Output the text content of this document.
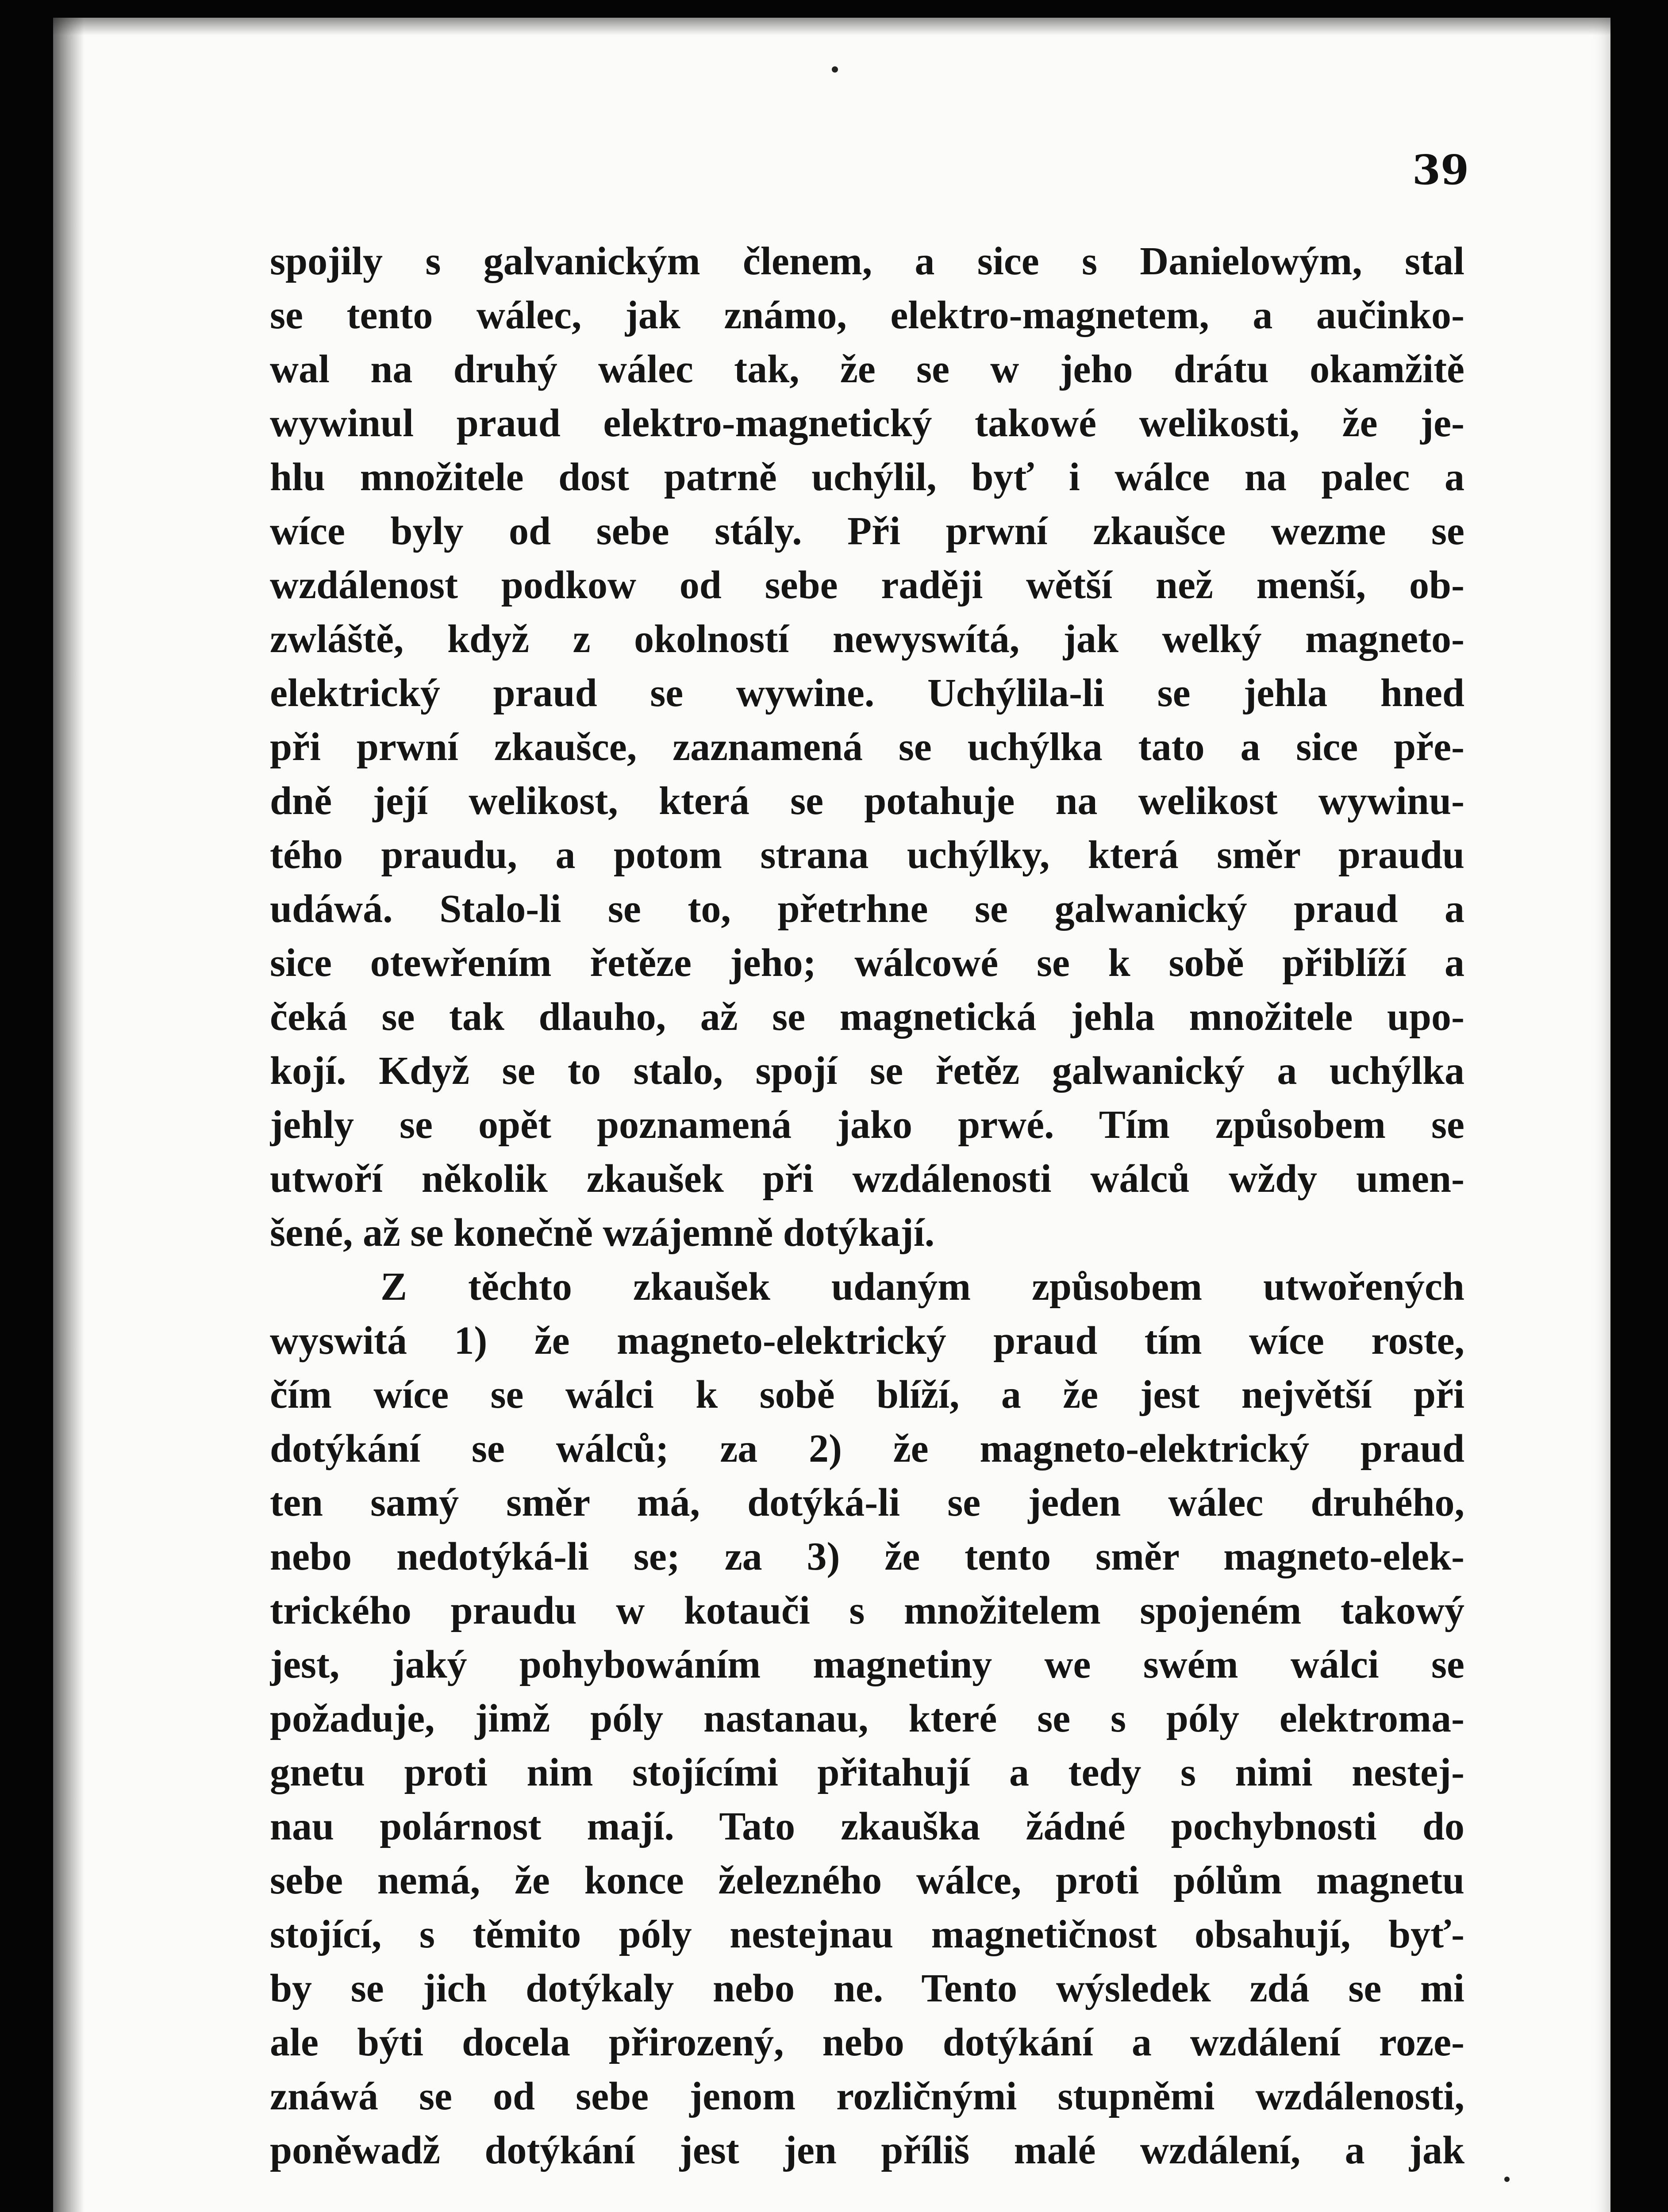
39
spojily s galvanickým členem, a sice s Danielowým, stal
se tento wálec, jak známo, elektro-magnetem, a aučinko-
wal na druhý wálec tak, že se w jeho drátu okamžitě
wywinul praud elektro-magnetický takowé welikosti, že je-
hlu množitele dost patrně uchýlil, byť i wálce na palec a
wíce byly od sebe stály. Při prwní zkaušce wezme se
wzdálenost podkow od sebe raději wětší než menší, ob-
zwláště, když z okolností newyswítá, jak welký magneto-
elektrický praud se wywine. Uchýlila-li se jehla hned
při prwní zkaušce, zaznamená se uchýlka tato a sice pře-
dně její welikost, která se potahuje na welikost wywinu-
tého praudu, a potom strana uchýlky, která směr praudu
udáwá. Stalo-li se to, přetrhne se galwanický praud a
sice otewřením řetěze jeho; wálcowé se k sobě přiblíží a
čeká se tak dlauho, až se magnetická jehla množitele upo-
kojí. Když se to stalo, spojí se řetěz galwanický a uchýlka
jehly se opět poznamená jako prwé. Tím způsobem se
utwoří několik zkaušek při wzdálenosti wálců wždy umen-
šené, až se konečně wzájemně dotýkají.
Z těchto zkaušek udaným způsobem utwořených
wyswitá 1) že magneto-elektrický praud tím wíce roste,
čím wíce se wálci k sobě blíží, a že jest největší při
dotýkání se wálců; za 2) že magneto-elektrický praud
ten samý směr má, dotýká-li se jeden wálec druhého,
nebo nedotýká-li se; za 3) že tento směr magneto-elek-
trického praudu w kotauči s množitelem spojeném takowý
jest, jaký pohybowáním magnetiny we swém wálci se
požaduje, jimž póly nastanau, které se s póly elektroma-
gnetu proti nim stojícími přitahují a tedy s nimi nestej-
nau polárnost mají. Tato zkauška žádné pochybnosti do
sebe nemá, že konce železného wálce, proti pólům magnetu
stojící, s těmito póly nestejnau magnetičnost obsahují, byť-
by se jich dotýkaly nebo ne. Tento wýsledek zdá se mi
ale býti docela přirozený, nebo dotýkání a wzdálení roze-
znáwá se od sebe jenom rozličnými stupněmi wzdálenosti,
poněwadž dotýkání jest jen příliš malé wzdálení, a jak
